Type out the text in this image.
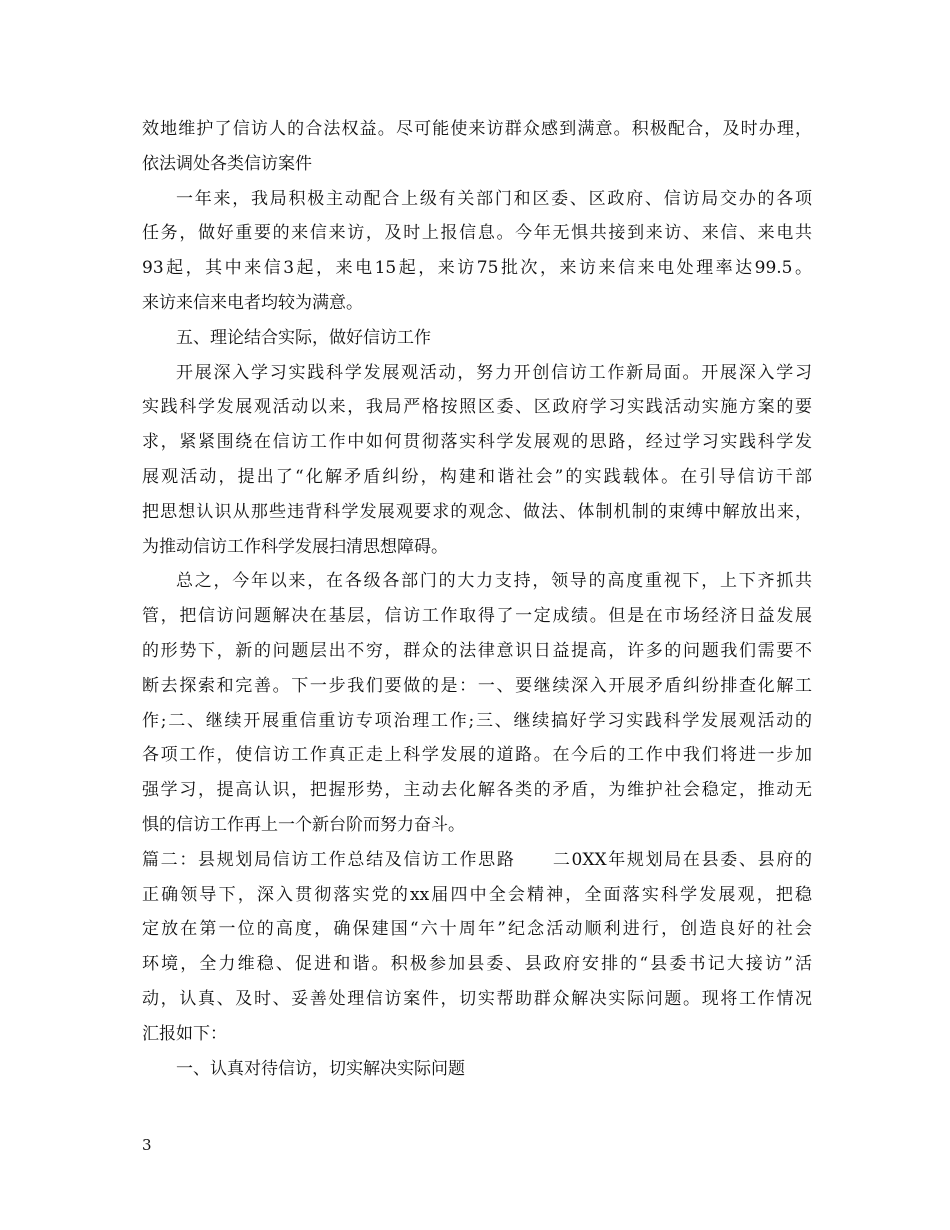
效地维护了信访人的合法权益。尽可能使来访群众感到满意。积极配合，及时办理，
依法调处各类信访案件
一年来，我局积极主动配合上级有关部门和区委、区政府、信访局交办的各项
任务，做好重要的来信来访，及时上报信息。今年无惧共接到来访、来信、来电共
93起，其中来信3起，来电15起，来访75批次，来访来信来电处理率达99.5。
来访来信来电者均较为满意。
五、理论结合实际，做好信访工作
开展深入学习实践科学发展观活动，努力开创信访工作新局面。开展深入学习
实践科学发展观活动以来，我局严格按照区委、区政府学习实践活动实施方案的要
求，紧紧围绕在信访工作中如何贯彻落实科学发展观的思路，经过学习实践科学发
展观活动，提出了“化解矛盾纠纷，构建和谐社会”的实践载体。在引导信访干部
把思想认识从那些违背科学发展观要求的观念、做法、体制机制的束缚中解放出来，
为推动信访工作科学发展扫清思想障碍。
总之，今年以来，在各级各部门的大力支持，领导的高度重视下，上下齐抓共
管，把信访问题解决在基层，信访工作取得了一定成绩。但是在市场经济日益发展
的形势下，新的问题层出不穷，群众的法律意识日益提高，许多的问题我们需要不
断去探索和完善。下一步我们要做的是：一、要继续深入开展矛盾纠纷排查化解工
作;二、继续开展重信重访专项治理工作;三、继续搞好学习实践科学发展观活动的
各项工作，使信访工作真正走上科学发展的道路。在今后的工作中我们将进一步加
强学习，提高认识，把握形势，主动去化解各类的矛盾，为维护社会稳定，推动无
惧的信访工作再上一个新台阶而努力奋斗。
篇二：县规划局信访工作总结及信访工作思路　　二0XX年规划局在县委、县府的
正确领导下，深入贯彻落实党的xx届四中全会精神，全面落实科学发展观，把稳
定放在第一位的高度，确保建国“六十周年”纪念活动顺利进行，创造良好的社会
环境，全力维稳、促进和谐。积极参加县委、县政府安排的“县委书记大接访”活
动，认真、及时、妥善处理信访案件，切实帮助群众解决实际问题。现将工作情况
汇报如下：
一、认真对待信访，切实解决实际问题
3
